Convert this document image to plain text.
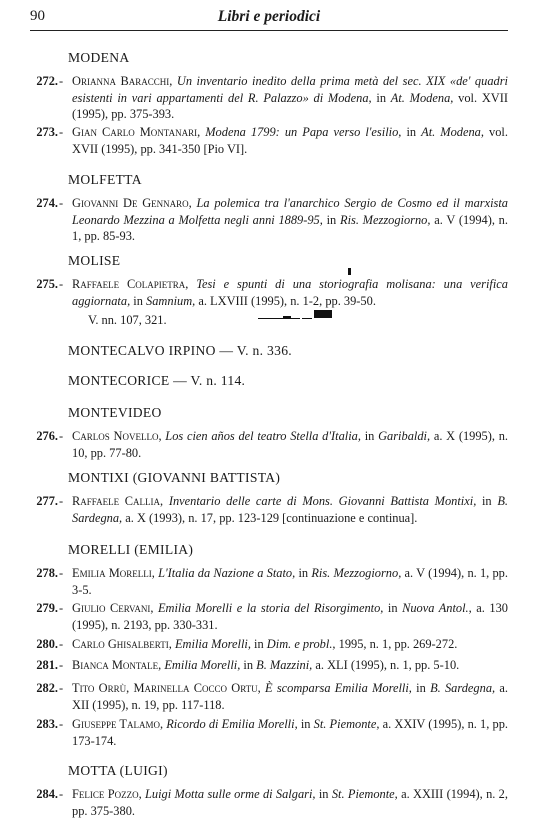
90	Libri e periodici
MODENA
272. - Orianna Baracchi, Un inventario inedito della prima metà del sec. XIX «de' quadri esistenti in vari appartamenti del R. Palazzo» di Modena, in At. Modena, vol. XVII (1995), pp. 375-393.
273. - Gian Carlo Montanari, Modena 1799: un Papa verso l'esilio, in At. Modena, vol. XVII (1995), pp. 341-350 [Pio VI].
MOLFETTA
274. - Giovanni De Gennaro, La polemica tra l'anarchico Sergio de Cosmo ed il marxista Leonardo Mezzina a Molfetta negli anni 1889-95, in Ris. Mezzogiorno, a. V (1994), n. 1, pp. 85-93.
MOLISE
275. - Raffaele Colapietra, Tesi e spunti di una storiografia molisana: una verifica aggiornata, in Samnium, a. LXVIII (1995), n. 1-2, pp. 39-50.
V. nn. 107, 321.
MONTECALVO IRPINO — V. n. 336.
MONTECORICE — V. n. 114.
MONTEVIDEO
276. - Carlos Novello, Los cien años del teatro Stella d'Italia, in Garibaldi, a. X (1995), n. 10, pp. 77-80.
MONTIXI (GIOVANNI BATTISTA)
277. - Raffaele Callia, Inventario delle carte di Mons. Giovanni Battista Montixi, in B. Sardegna, a. X (1993), n. 17, pp. 123-129 [continuazione e continua].
MORELLI (EMILIA)
278. - Emilia Morelli, L'Italia da Nazione a Stato, in Ris. Mezzogiorno, a. V (1994), n. 1, pp. 3-5.
279. - Giulio Cervani, Emilia Morelli e la storia del Risorgimento, in Nuova Antol., a. 130 (1995), n. 2193, pp. 330-331.
280. - Carlo Ghisalberti, Emilia Morelli, in Dim. e probl., 1995, n. 1, pp. 269-272.
281. - Bianca Montale, Emilia Morelli, in B. Mazzini, a. XLI (1995), n. 1, pp. 5-10.
282. - Tito Orrù, Marinella Cocco Ortu, È scomparsa Emilia Morelli, in B. Sardegna, a. XII (1995), n. 19, pp. 117-118.
283. - Giuseppe Talamo, Ricordo di Emilia Morelli, in St. Piemonte, a. XXIV (1995), n. 1, pp. 173-174.
MOTTA (LUIGI)
284. - Felice Pozzo, Luigi Motta sulle orme di Salgari, in St. Piemonte, a. XXIII (1994), n. 2, pp. 375-380.
